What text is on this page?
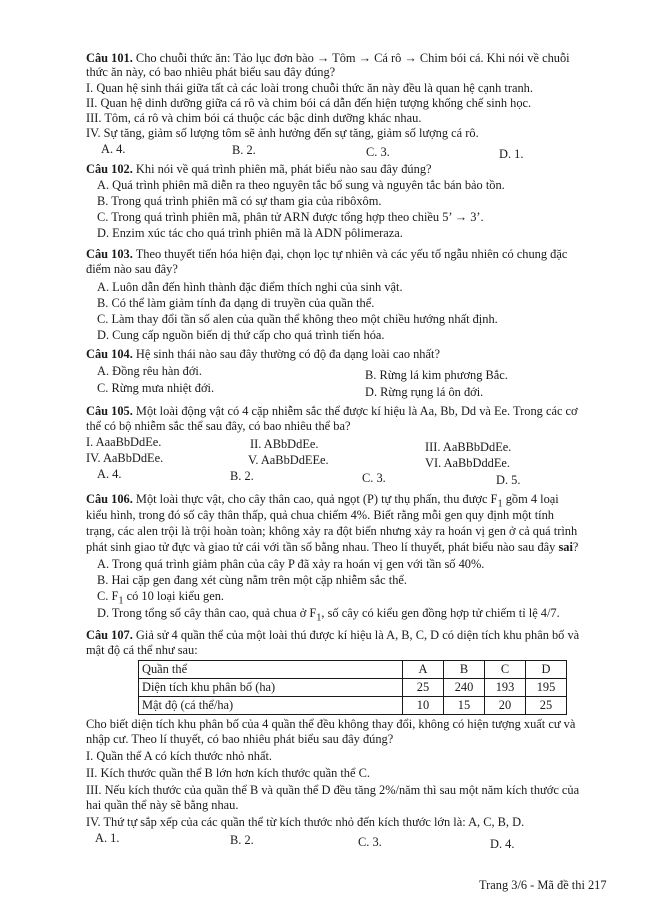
Câu 101. Cho chuỗi thức ăn: Tảo lục đơn bào → Tôm → Cá rô → Chim bói cá. Khi nói về chuỗi
thức ăn này, có bao nhiêu phát biểu sau đây đúng?
I. Quan hệ sinh thái giữa tất cả các loài trong chuỗi thức ăn này đều là quan hệ cạnh tranh.
II. Quan hệ dinh dưỡng giữa cá rô và chim bói cá dẫn đến hiện tượng khống chế sinh học.
III. Tôm, cá rô và chim bói cá thuộc các bậc dinh dưỡng khác nhau.
IV. Sự tăng, giảm số lượng tôm sẽ ảnh hưởng đến sự tăng, giảm số lượng cá rô.
A. 4.	B. 2.	C. 3.	D. 1.
Câu 102. Khi nói về quá trình phiên mã, phát biểu nào sau đây đúng?
A. Quá trình phiên mã diễn ra theo nguyên tắc bổ sung và nguyên tắc bán bảo tồn.
B. Trong quá trình phiên mã có sự tham gia của ribôxôm.
C. Trong quá trình phiên mã, phân tử ARN được tổng hợp theo chiều 5’ → 3’.
D. Enzim xúc tác cho quá trình phiên mã là ADN pôlimeraza.
Câu 103. Theo thuyết tiến hóa hiện đại, chọn lọc tự nhiên và các yếu tố ngẫu nhiên có chung đặc
điểm nào sau đây?
A. Luôn dẫn đến hình thành đặc điểm thích nghi của sinh vật.
B. Có thể làm giảm tính đa dạng di truyền của quần thể.
C. Làm thay đổi tần số alen của quần thể không theo một chiều hướng nhất định.
D. Cung cấp nguồn biến dị thứ cấp cho quá trình tiến hóa.
Câu 104. Hệ sinh thái nào sau đây thường có độ đa dạng loài cao nhất?
A. Đồng rêu hàn đới.	B. Rừng lá kim phương Bắc.
C. Rừng mưa nhiệt đới.	D. Rừng rụng lá ôn đới.
Câu 105. Một loài động vật có 4 cặp nhiễm sắc thể được kí hiệu là Aa, Bb, Dd và Ee. Trong các cơ
thể có bộ nhiễm sắc thể sau đây, có bao nhiêu thể ba?
I. AaaBbDdEe.	II. ABbDdEe.	III. AaBBbDdEe.
IV. AaBbDdEe.	V. AaBbDdEEe.	VI. AaBbDddEe.
A. 4.	B. 2.	C. 3.	D. 5.
Câu 106. Một loài thực vật, cho cây thân cao, quả ngọt (P) tự thụ phấn, thu được $F_1$ gồm 4 loại
kiểu hình, trong đó số cây thân thấp, quả chua chiếm 4%. Biết rằng mỗi gen quy định một tính
trạng, các alen trội là trội hoàn toàn; không xảy ra đột biến nhưng xảy ra hoán vị gen ở cả quá trình
phát sinh giao tử đực và giao tử cái với tần số bằng nhau. Theo lí thuyết, phát biểu nào sau đây sai?
A. Trong quá trình giảm phân của cây P đã xảy ra hoán vị gen với tần số 40%.
B. Hai cặp gen đang xét cùng nằm trên một cặp nhiễm sắc thể.
C. $F_1$ có 10 loại kiểu gen.
D. Trong tổng số cây thân cao, quả chua ở $F_1$, số cây có kiểu gen đồng hợp tử chiếm tỉ lệ 4/7.
Câu 107. Giả sử 4 quần thể của một loài thú được kí hiệu là A, B, C, D có diện tích khu phân bố và
mật độ cá thể như sau:
Quần thể	A	B	C	D
Diện tích khu phân bố (ha)	25	240	193	195
Mật độ (cá thể/ha)	10	15	20	25
Cho biết diện tích khu phân bố của 4 quần thể đều không thay đổi, không có hiện tượng xuất cư và
nhập cư. Theo lí thuyết, có bao nhiêu phát biểu sau đây đúng?
I. Quần thể A có kích thước nhỏ nhất.
II. Kích thước quần thể B lớn hơn kích thước quần thể C.
III. Nếu kích thước của quần thể B và quần thể D đều tăng 2%/năm thì sau một năm kích thước của
hai quần thể này sẽ bằng nhau.
IV. Thứ tự sắp xếp của các quần thể từ kích thước nhỏ đến kích thước lớn là: A, C, B, D.
A. 1.	B. 2.	C. 3.	D. 4.
Trang 3/6 - Mã đề thi 217
